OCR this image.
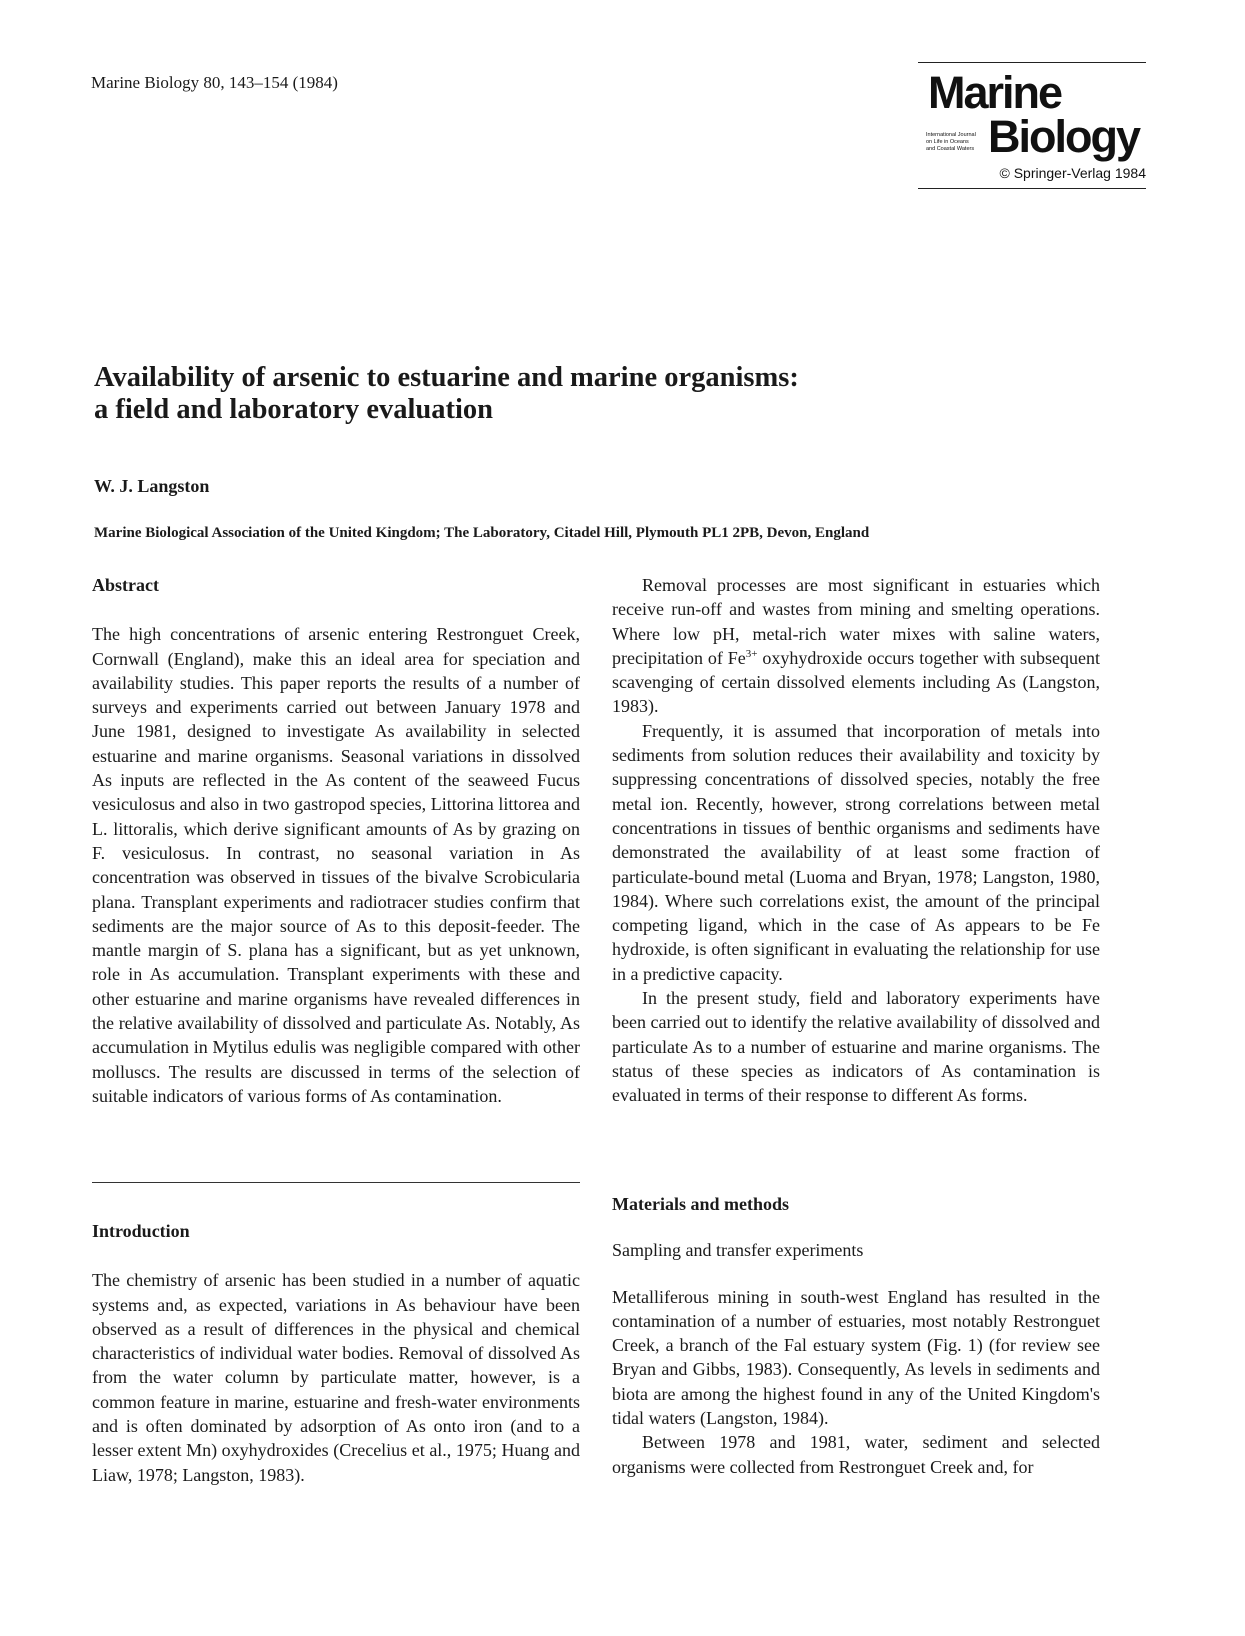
Marine Biology 80, 143–154 (1984)	Marine
International Journal
on Life in Oceans
and Coastal Waters Biology
© Springer-Verlag 1984
Availability of arsenic to estuarine and marine organisms:
a field and laboratory evaluation
W. J. Langston
Marine Biological Association of the United Kingdom; The Laboratory, Citadel Hill, Plymouth PL1 2PB, Devon, England
Abstract

The high concentrations of arsenic entering Restronguet Creek, Cornwall (England), make this an ideal area for speciation and availability studies. This paper reports the results of a number of surveys and experiments carried out between January 1978 and June 1981, designed to investigate As availability in selected estuarine and marine organisms. Seasonal variations in dissolved As inputs are reflected in the As content of the seaweed Fucus vesiculosus and also in two gastropod species, Littorina littorea and L. littoralis, which derive significant amounts of As by grazing on F. vesiculosus. In contrast, no seasonal variation in As concentration was observed in tissues of the bivalve Scrobicularia plana. Transplant experiments and radiotracer studies confirm that sediments are the major source of As to this deposit-feeder. The mantle margin of S. plana has a significant, but as yet unknown, role in As accumulation. Transplant experiments with these and other estuarine and marine organisms have revealed differences in the relative availability of dissolved and particulate As. Notably, As accumulation in Mytilus edulis was negligible compared with other molluscs. The results are discussed in terms of the selection of suitable indicators of various forms of As contamination.

Introduction

The chemistry of arsenic has been studied in a number of aquatic systems and, as expected, variations in As behaviour have been observed as a result of differences in the physical and chemical characteristics of individual water bodies. Removal of dissolved As from the water column by particulate matter, however, is a common feature in marine, estuarine and fresh-water environments and is often dominated by adsorption of As onto iron (and to a lesser extent Mn) oxyhydroxides (Crecelius et al., 1975; Huang and Liaw, 1978; Langston, 1983).

Removal processes are most significant in estuaries which receive run-off and wastes from mining and smelting operations. Where low pH, metal-rich water mixes with saline waters, precipitation of $Fe^{3+}$ oxyhydroxide occurs together with subsequent scavenging of certain dissolved elements including As (Langston, 1983).

Frequently, it is assumed that incorporation of metals into sediments from solution reduces their availability and toxicity by suppressing concentrations of dissolved species, notably the free metal ion. Recently, however, strong correlations between metal concentrations in tissues of benthic organisms and sediments have demonstrated the availability of at least some fraction of particulate-bound metal (Luoma and Bryan, 1978; Langston, 1980, 1984). Where such correlations exist, the amount of the principal competing ligand, which in the case of As appears to be Fe hydroxide, is often significant in evaluating the relationship for use in a predictive capacity.

In the present study, field and laboratory experiments have been carried out to identify the relative availability of dissolved and particulate As to a number of estuarine and marine organisms. The status of these species as indicators of As contamination is evaluated in terms of their response to different As forms.

Materials and methods
Sampling and transfer experiments

Metalliferous mining in south-west England has resulted in the contamination of a number of estuaries, most notably Restronguet Creek, a branch of the Fal estuary system (Fig. 1) (for review see Bryan and Gibbs, 1983). Consequently, As levels in sediments and biota are among the highest found in any of the United Kingdom's tidal waters (Langston, 1984).

Between 1978 and 1981, water, sediment and selected organisms were collected from Restronguet Creek and, for
